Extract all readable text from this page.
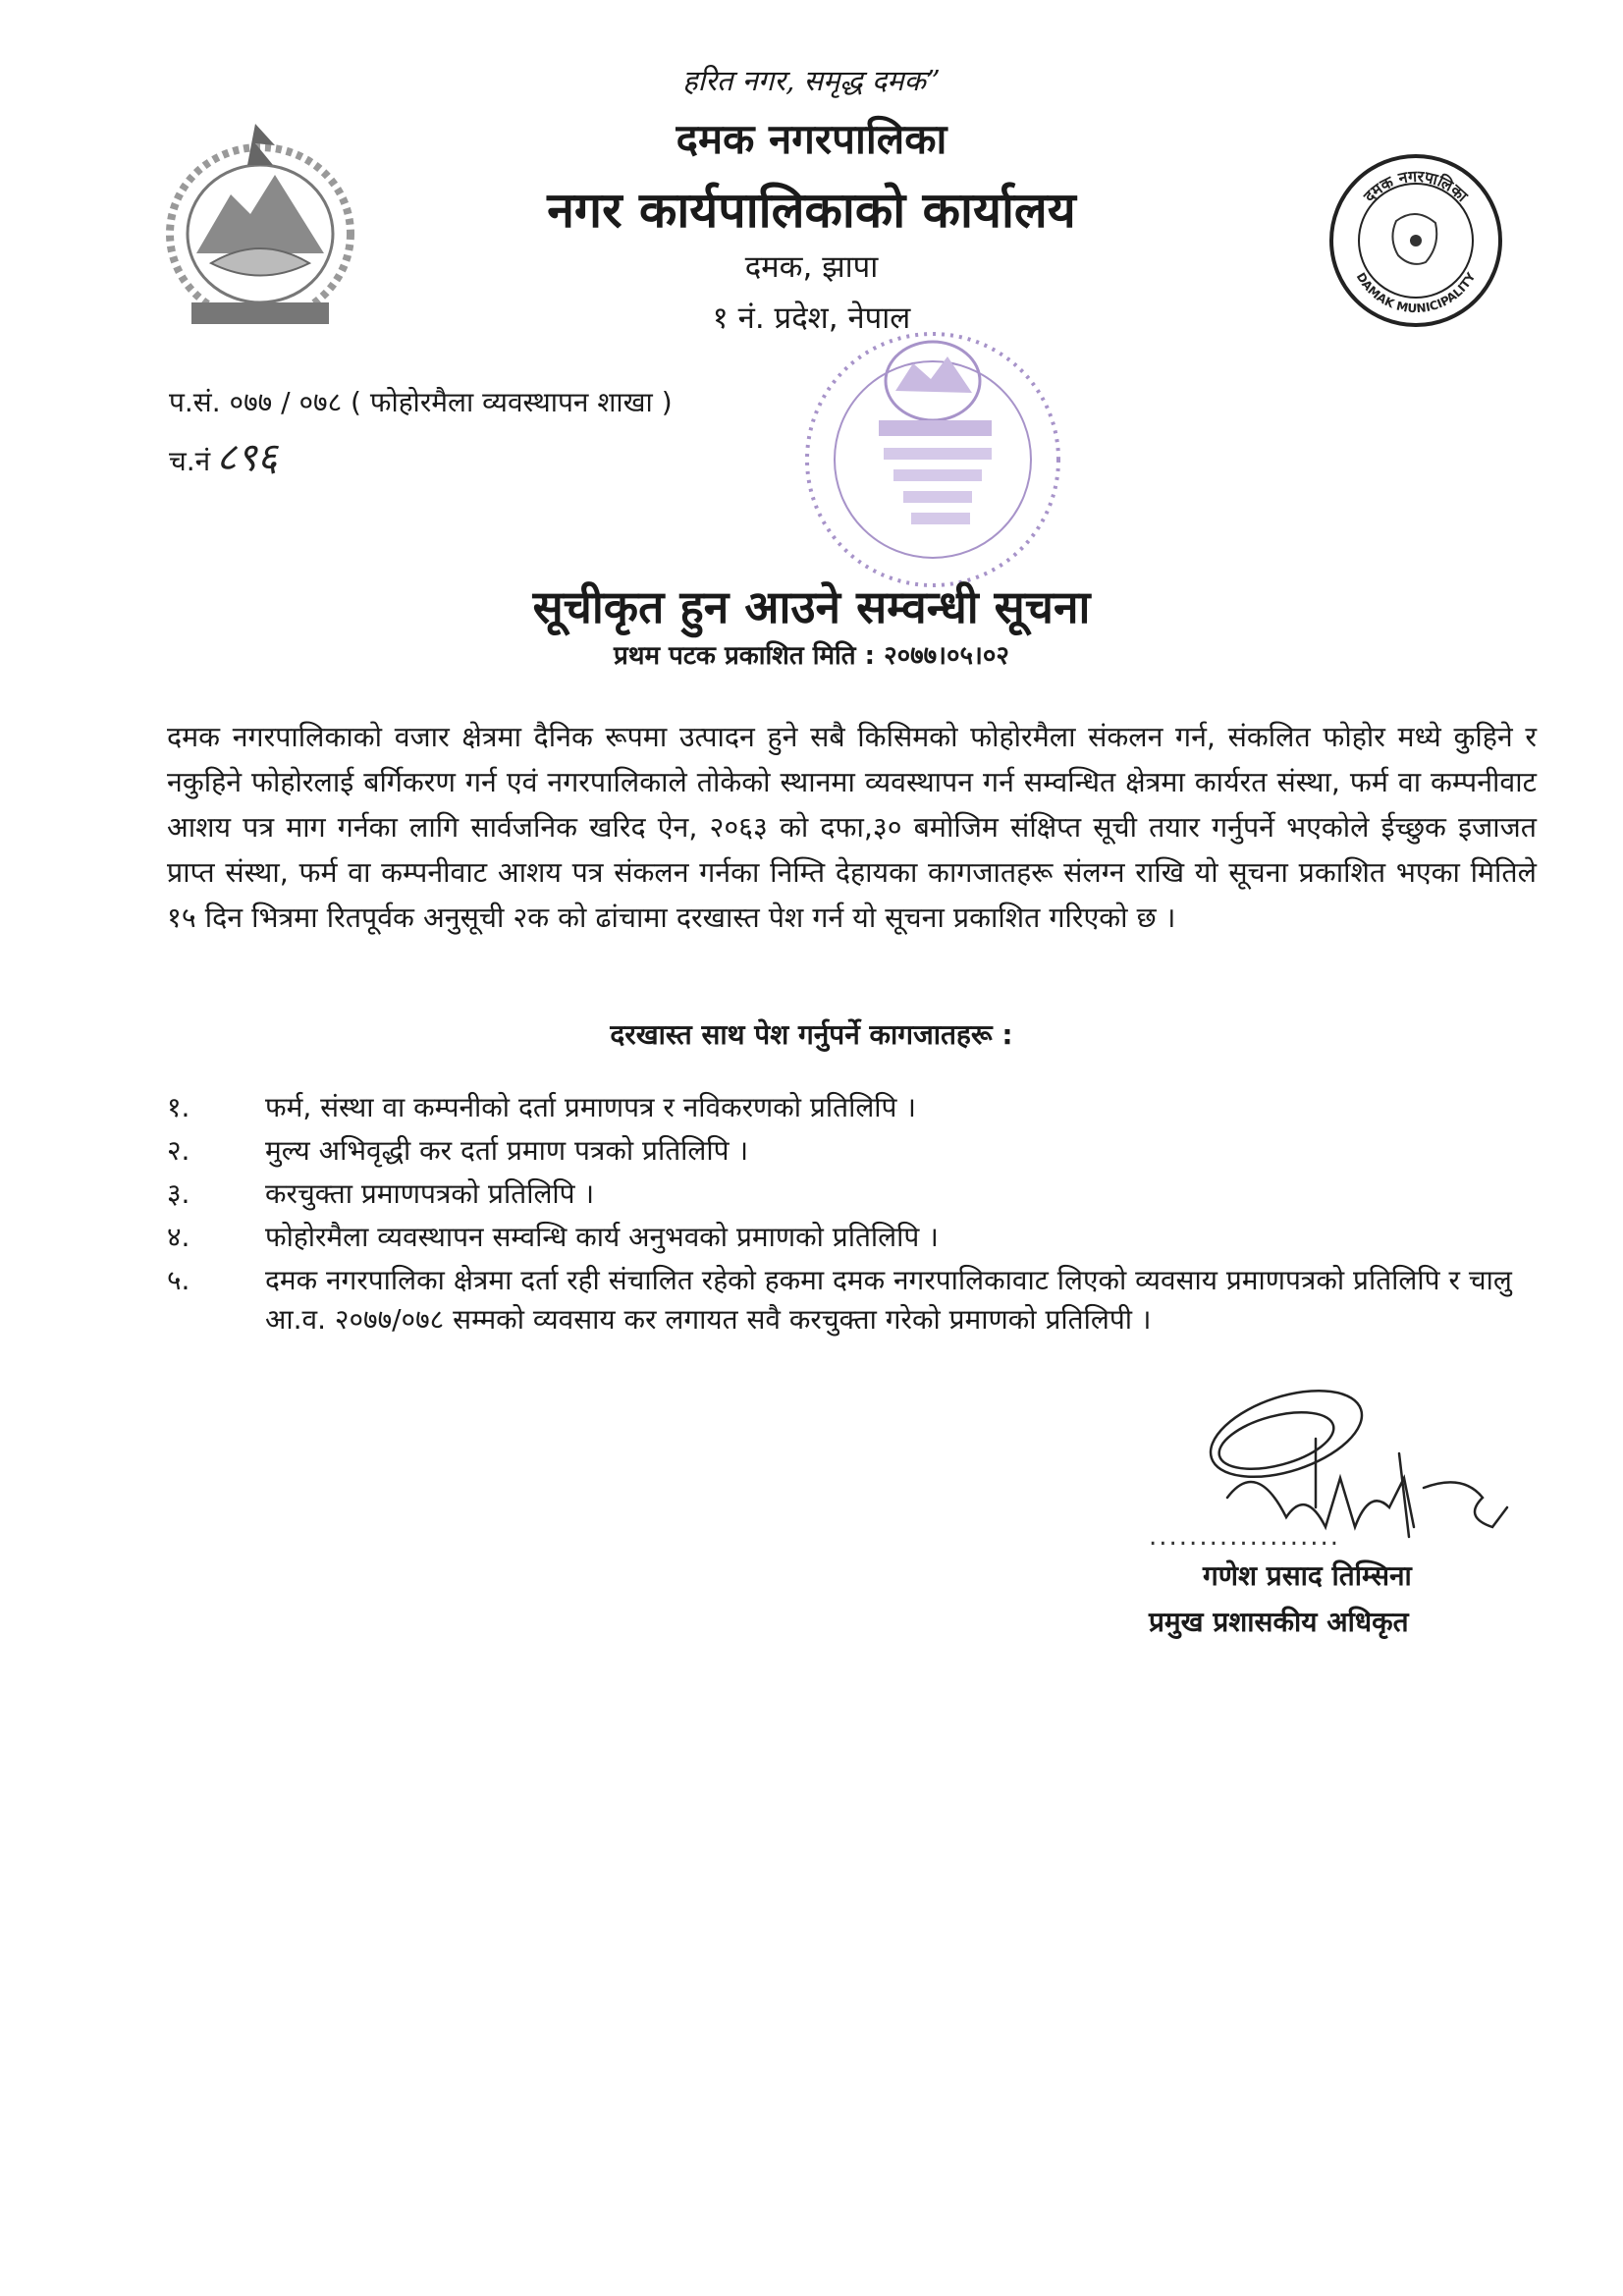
हरित नगर, समृद्ध दमक”
दमक नगरपालिका
नगर कार्यपालिकाको कार्यालय
दमक, झापा
१ नं. प्रदेश, नेपाल
दमक नगरपालिका
DAMAK MUNICIPALITY
प.सं. ०७७ / ०७८ ( फोहोरमैला व्यवस्थापन शाखा )
च.नं ८९६
सूचीकृत हुन आउने सम्वन्धी सूचना
प्रथम पटक प्रकाशित मिति : २०७७।०५।०२
दमक नगरपालिकाको वजार क्षेत्रमा दैनिक रूपमा उत्पादन हुने सबै किसिमको फोहोरमैला संकलन गर्न, संकलित फोहोर मध्ये कुहिने र नकुहिने फोहोरलाई बर्गिकरण गर्न एवं नगरपालिकाले तोकेको स्थानमा व्यवस्थापन गर्न सम्वन्धित क्षेत्रमा कार्यरत संस्था, फर्म वा कम्पनीवाट आशय पत्र माग गर्नका लागि सार्वजनिक खरिद ऐन, २०६३ को दफा,३० बमोजिम संक्षिप्त सूची तयार गर्नुपर्ने भएकोले ईच्छुक इजाजत प्राप्त संस्था, फर्म वा कम्पनीवाट आशय पत्र संकलन गर्नका निम्ति देहायका कागजातहरू संलग्न राखि यो सूचना प्रकाशित भएका मितिले १५ दिन भित्रमा रितपूर्वक अनुसूची २क को ढांचामा दरखास्त पेश गर्न यो सूचना प्रकाशित गरिएको छ ।
दरखास्त साथ पेश गर्नुपर्ने कागजातहरू :
१.	फर्म, संस्था वा कम्पनीको दर्ता प्रमाणपत्र र नविकरणको प्रतिलिपि ।
२.	मुल्य अभिवृद्धी कर दर्ता प्रमाण पत्रको प्रतिलिपि ।
३.	करचुक्ता प्रमाणपत्रको प्रतिलिपि ।
४.	फोहोरमैला व्यवस्थापन सम्वन्धि कार्य अनुभवको प्रमाणको प्रतिलिपि ।
५.	दमक नगरपालिका क्षेत्रमा दर्ता रही संचालित रहेको हकमा दमक नगरपालिकावाट लिएको व्यवसाय प्रमाणपत्रको प्रतिलिपि र चालु आ.व. २०७७/०७८ सम्मको व्यवसाय कर लगायत सवै करचुक्ता गरेको प्रमाणको प्रतिलिपी ।
...................
गणेश प्रसाद तिम्सिना
प्रमुख प्रशासकीय अधिकृत
